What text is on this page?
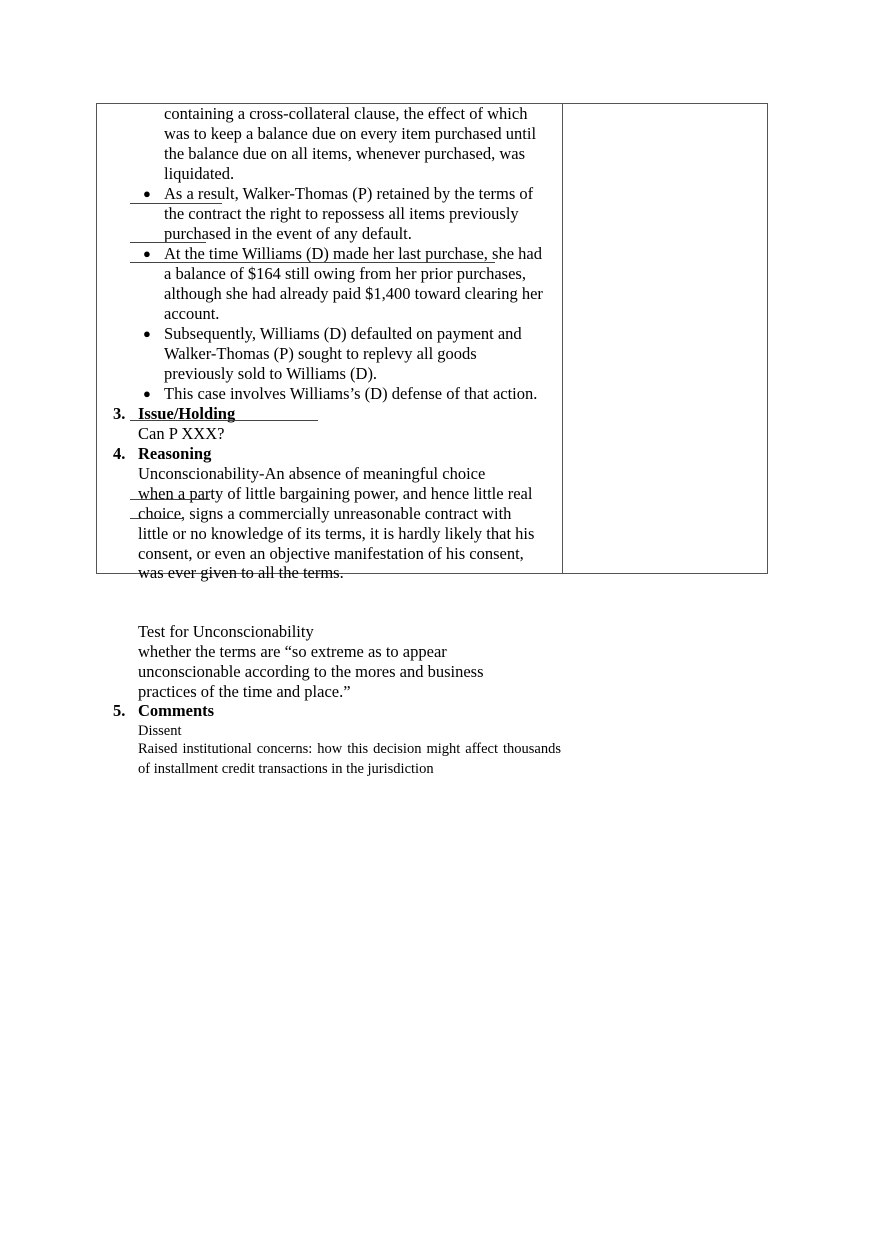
containing a cross-collateral clause, the effect of which
was to keep a balance due on every item purchased until
the balance due on all items, whenever purchased, was
liquidated.
● As a result, Walker-Thomas (P) retained by the terms of
the contract the right to repossess all items previously
purchased in the event of any default.
● At the time Williams (D) made her last purchase, she had
a balance of $164 still owing from her prior purchases,
although she had already paid $1,400 toward clearing her
account.
● Subsequently, Williams (D) defaulted on payment and
Walker-Thomas (P) sought to replevy all goods
previously sold to Williams (D).
● This case involves Williams’s (D) defense of that action.
3. Issue/Holding
Can P XXX?
4. Reasoning
Unconscionability-An absence of meaningful choice
when a party of little bargaining power, and hence little real
choice, signs a commercially unreasonable contract with
little or no knowledge of its terms, it is hardly likely that his
consent, or even an objective manifestation of his consent,
was ever given to all the terms.
Test for Unconscionability
whether the terms are “so extreme as to appear
unconscionable according to the mores and business
practices of the time and place.”
5. Comments
Dissent
Raised institutional concerns: how this decision might affect thousands of installment credit transactions in the jurisdiction
